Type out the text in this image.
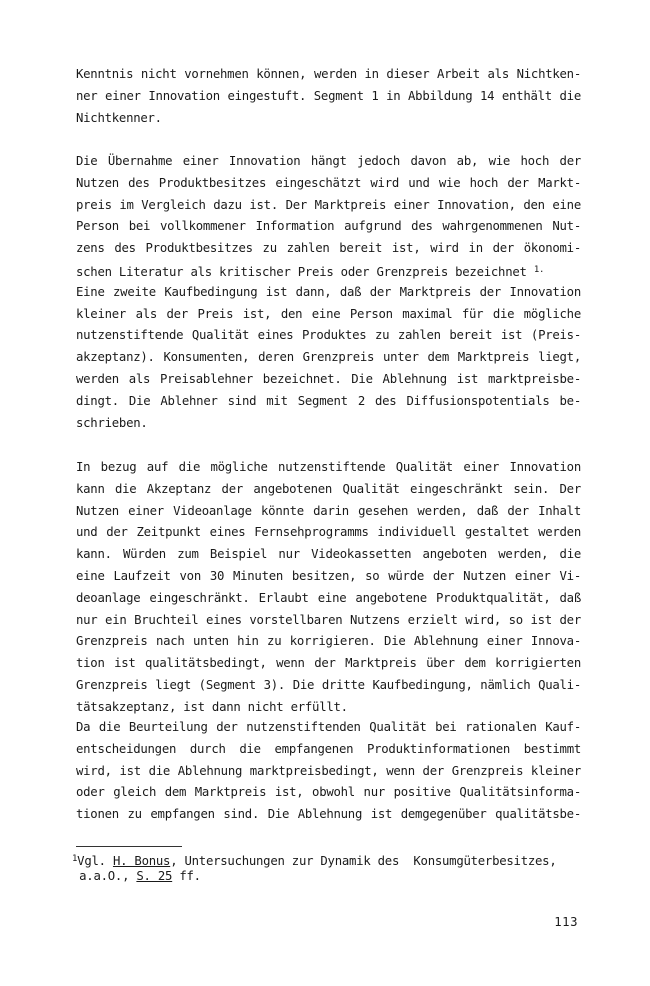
Kenntnis nicht vornehmen können, werden in dieser Arbeit als Nichtken-
ner einer Innovation eingestuft. Segment 1 in Abbildung 14 enthält die
Nichtkenner.
Die Übernahme einer Innovation hängt jedoch davon ab, wie hoch der
Nutzen des Produktbesitzes eingeschätzt wird und wie hoch der Markt-
preis im Vergleich dazu ist. Der Marktpreis einer Innovation, den eine
Person bei vollkommener Information aufgrund des wahrgenommenen Nut-
zens des Produktbesitzes zu zahlen bereit ist, wird in der ökonomi-
schen Literatur als kritischer Preis oder Grenzpreis bezeichnet $^{1.}$
Eine zweite Kaufbedingung ist dann, daß der Marktpreis der Innovation
kleiner als der Preis ist, den eine Person maximal für die mögliche
nutzenstiftende Qualität eines Produktes zu zahlen bereit ist (Preis-
akzeptanz). Konsumenten, deren Grenzpreis unter dem Marktpreis liegt,
werden als Preisablehner bezeichnet. Die Ablehnung ist marktpreisbe-
dingt. Die Ablehner sind mit Segment 2 des Diffusionspotentials be-
schrieben.
In bezug auf die mögliche nutzenstiftende Qualität einer Innovation
kann die Akzeptanz der angebotenen Qualität eingeschränkt sein. Der
Nutzen einer Videoanlage könnte darin gesehen werden, daß der Inhalt
und der Zeitpunkt eines Fernsehprogramms individuell gestaltet werden
kann. Würden zum Beispiel nur Videokassetten angeboten werden, die
eine Laufzeit von 30 Minuten besitzen, so würde der Nutzen einer Vi-
deoanlage eingeschränkt. Erlaubt eine angebotene Produktqualität, daß
nur ein Bruchteil eines vorstellbaren Nutzens erzielt wird, so ist der
Grenzpreis nach unten hin zu korrigieren. Die Ablehnung einer Innova-
tion ist qualitätsbedingt, wenn der Marktpreis über dem korrigierten
Grenzpreis liegt (Segment 3). Die dritte Kaufbedingung, nämlich Quali-
tätsakzeptanz, ist dann nicht erfüllt.
Da die Beurteilung der nutzenstiftenden Qualität bei rationalen Kauf-
entscheidungen durch die empfangenen Produktinformationen bestimmt
wird, ist die Ablehnung marktpreisbedingt, wenn der Grenzpreis kleiner
oder gleich dem Marktpreis ist, obwohl nur positive Qualitätsinforma-
tionen zu empfangen sind. Die Ablehnung ist demgegenüber qualitätsbe-
$^1$Vgl. H. Bonus, Untersuchungen zur Dynamik des  Konsumgüterbesitzes,
a.a.O., S. 25 ff.
113
